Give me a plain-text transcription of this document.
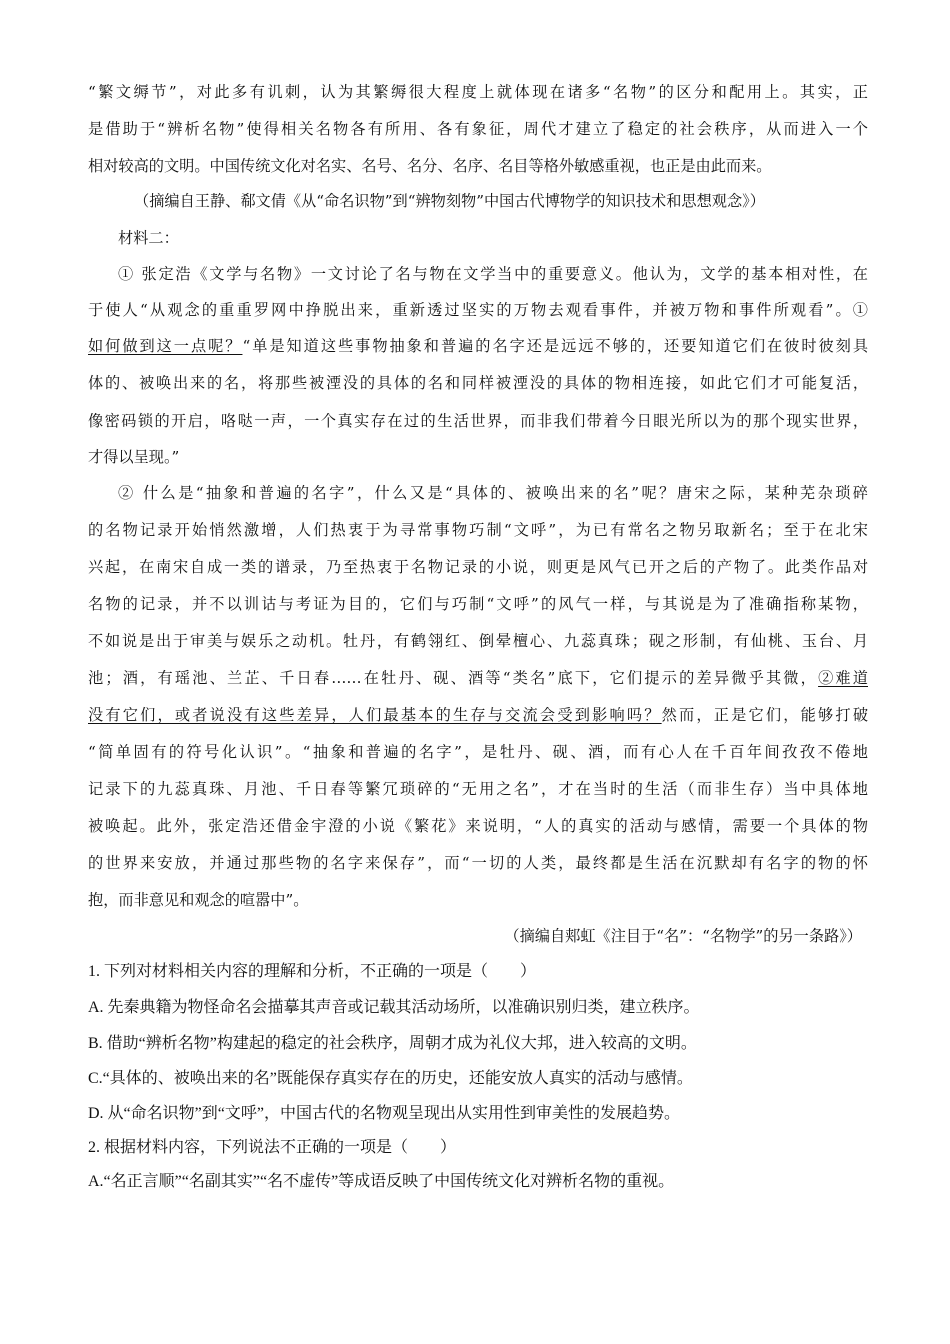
“繁文缛节”，对此多有讥刺，认为其繁缛很大程度上就体现在诸多“名物”的区分和配用上。其实，正

是借助于“辨析名物”使得相关名物各有所用、各有象征，周代才建立了稳定的社会秩序，从而进入一个

相对较高的文明。中国传统文化对名实、名号、名分、名序、名目等格外敏感重视，也正是由此而来。

（摘编自王静、郗文倩《从“命名识物”到“辨物刻物”中国古代博物学的知识技术和思想观念》）

材料二：

① 张定浩《文学与名物》一文讨论了名与物在文学当中的重要意义。他认为，文学的基本相对性，在

于使人“从观念的重重罗网中挣脱出来，重新透过坚实的万物去观看事件，并被万物和事件所观看”。①

如何做到这一点呢？“单是知道这些事物抽象和普遍的名字还是远远不够的，还要知道它们在彼时彼刻具

体的、被唤出来的名，将那些被湮没的具体的名和同样被湮没的具体的物相连接，如此它们才可能复活，

像密码锁的开启，咯哒一声，一个真实存在过的生活世界，而非我们带着今日眼光所以为的那个现实世界，

才得以呈现。”

② 什么是“抽象和普遍的名字”，什么又是“具体的、被唤出来的名”呢？唐宋之际，某种芜杂琐碎

的名物记录开始悄然激增，人们热衷于为寻常事物巧制“文呼”，为已有常名之物另取新名；至于在北宋

兴起，在南宋自成一类的谱录，乃至热衷于名物记录的小说，则更是风气已开之后的产物了。此类作品对

名物的记录，并不以训诂与考证为目的，它们与巧制“文呼”的风气一样，与其说是为了准确指称某物，

不如说是出于审美与娱乐之动机。牡丹，有鹤翎红、倒晕檀心、九蕊真珠；砚之形制，有仙桃、玉台、月

池；酒，有瑶池、兰芷、千日春……在牡丹、砚、酒等“类名”底下，它们提示的差异微乎其微，②难道

没有它们，或者说没有这些差异，人们最基本的生存与交流会受到影响吗？然而，正是它们，能够打破

“简单固有的符号化认识”。“抽象和普遍的名字”，是牡丹、砚、酒，而有心人在千百年间孜孜不倦地

记录下的九蕊真珠、月池、千日春等繁冗琐碎的“无用之名”，才在当时的生活（而非生存）当中具体地

被唤起。此外，张定浩还借金宇澄的小说《繁花》来说明，“人的真实的活动与感情，需要一个具体的物

的世界来安放，并通过那些物的名字来保存”，而“一切的人类，最终都是生活在沉默却有名字的物的怀

抱，而非意见和观念的喧嚣中”。

（摘编自郏虹《注目于“名”：“名物学”的另一条路》）

1. 下列对材料相关内容的理解和分析，不正确的一项是（　　）

A. 先秦典籍为物怪命名会描摹其声音或记载其活动场所，以准确识别归类，建立秩序。

B. 借助“辨析名物”构建起的稳定的社会秩序，周朝才成为礼仪大邦，进入较高的文明。

C.“具体的、被唤出来的名”既能保存真实存在的历史，还能安放人真实的活动与感情。

D. 从“命名识物”到“文呼”，中国古代的名物观呈现出从实用性到审美性的发展趋势。

2. 根据材料内容，下列说法不正确的一项是（　　）

A.“名正言顺”“名副其实”“名不虚传”等成语反映了中国传统文化对辨析名物的重视。
